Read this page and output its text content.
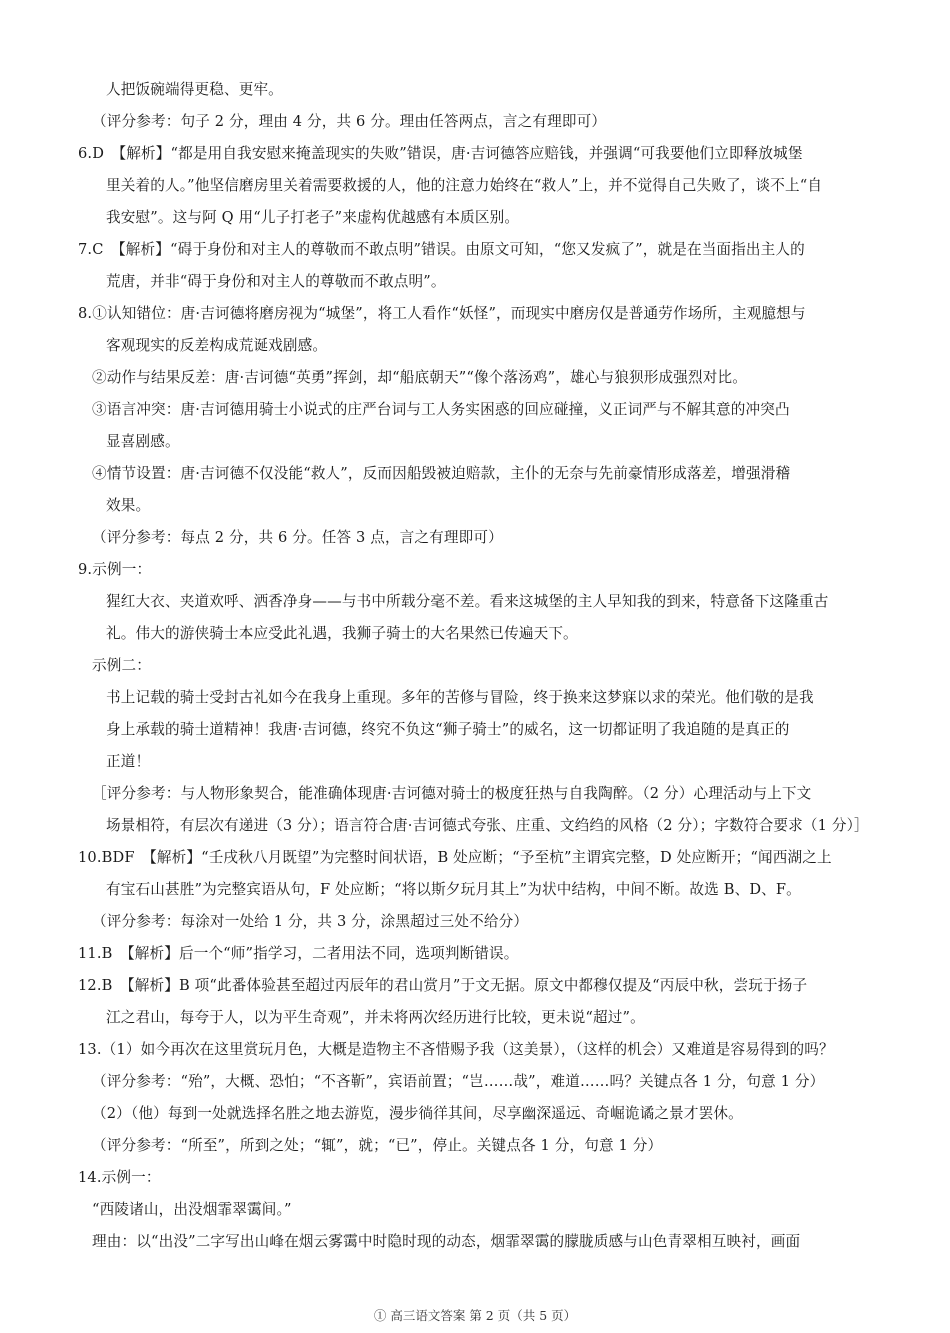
人把饭碗端得更稳、更牢。
（评分参考：句子 2 分，理由 4 分，共 6 分。理由任答两点，言之有理即可）
6.D　【解析】“都是用自我安慰来掩盖现实的失败”错误，唐·吉诃德答应赔钱，并强调“可我要他们立即释放城堡
里关着的人。”他坚信磨房里关着需要救援的人，他的注意力始终在“救人”上，并不觉得自己失败了，谈不上“自
我安慰”。这与阿 Q 用“儿子打老子”来虚构优越感有本质区别。
7.C　【解析】“碍于身份和对主人的尊敬而不敢点明”错误。由原文可知，“您又发疯了”，就是在当面指出主人的
荒唐，并非“碍于身份和对主人的尊敬而不敢点明”。
8.①认知错位：唐·吉诃德将磨房视为“城堡”，将工人看作“妖怪”，而现实中磨房仅是普通劳作场所，主观臆想与
客观现实的反差构成荒诞戏剧感。
②动作与结果反差：唐·吉诃德“英勇”挥剑，却“船底朝天”“像个落汤鸡”，雄心与狼狈形成强烈对比。
③语言冲突：唐·吉诃德用骑士小说式的庄严台词与工人务实困惑的回应碰撞，义正词严与不解其意的冲突凸
显喜剧感。
④情节设置：唐·吉诃德不仅没能“救人”，反而因船毁被迫赔款，主仆的无奈与先前豪情形成落差，增强滑稽
效果。
（评分参考：每点 2 分，共 6 分。任答 3 点，言之有理即可）
9.示例一：
猩红大衣、夹道欢呼、洒香净身——与书中所载分毫不差。看来这城堡的主人早知我的到来，特意备下这隆重古
礼。伟大的游侠骑士本应受此礼遇，我狮子骑士的大名果然已传遍天下。
示例二：
书上记载的骑士受封古礼如今在我身上重现。多年的苦修与冒险，终于换来这梦寐以求的荣光。他们敬的是我
身上承载的骑士道精神！我唐·吉诃德，终究不负这“狮子骑士”的威名，这一切都证明了我追随的是真正的
正道！
［评分参考：与人物形象契合，能准确体现唐·吉诃德对骑士的极度狂热与自我陶醉。（2 分）心理活动与上下文
场景相符，有层次有递进（3 分）；语言符合唐·吉诃德式夸张、庄重、文绉绉的风格（2 分）；字数符合要求（1 分）］
10.BDF　【解析】“壬戌秋八月既望”为完整时间状语，B 处应断；“予至杭”主谓宾完整，D 处应断开；“闻西湖之上
有宝石山甚胜”为完整宾语从句，F 处应断；“将以斯夕玩月其上”为状中结构，中间不断。故选 B、D、F。
（评分参考：每涂对一处给 1 分，共 3 分，涂黑超过三处不给分）
11.B　【解析】后一个“师”指学习，二者用法不同，选项判断错误。
12.B　【解析】B 项“此番体验甚至超过丙辰年的君山赏月”于文无据。原文中都穆仅提及“丙辰中秋，尝玩于扬子
江之君山，每夸于人，以为平生奇观”，并未将两次经历进行比较，更未说“超过”。
13.（1）如今再次在这里赏玩月色，大概是造物主不吝惜赐予我（这美景），（这样的机会）又难道是容易得到的吗？
（评分参考：“殆”，大概、恐怕；“不吝靳”，宾语前置；“岂……哉”，难道……吗？关键点各 1 分，句意 1 分）
（2）（他）每到一处就选择名胜之地去游览，漫步徜徉其间，尽享幽深遥远、奇崛诡谲之景才罢休。
（评分参考：“所至”，所到之处；“辄”，就；“已”，停止。关键点各 1 分，句意 1 分）
14.示例一：
“西陵诸山，出没烟霏翠霭间。”
理由：以“出没”二字写出山峰在烟云雾霭中时隐时现的动态，烟霏翠霭的朦胧质感与山色青翠相互映衬，画面
① 高三语文答案 第 2 页（共 5 页）
